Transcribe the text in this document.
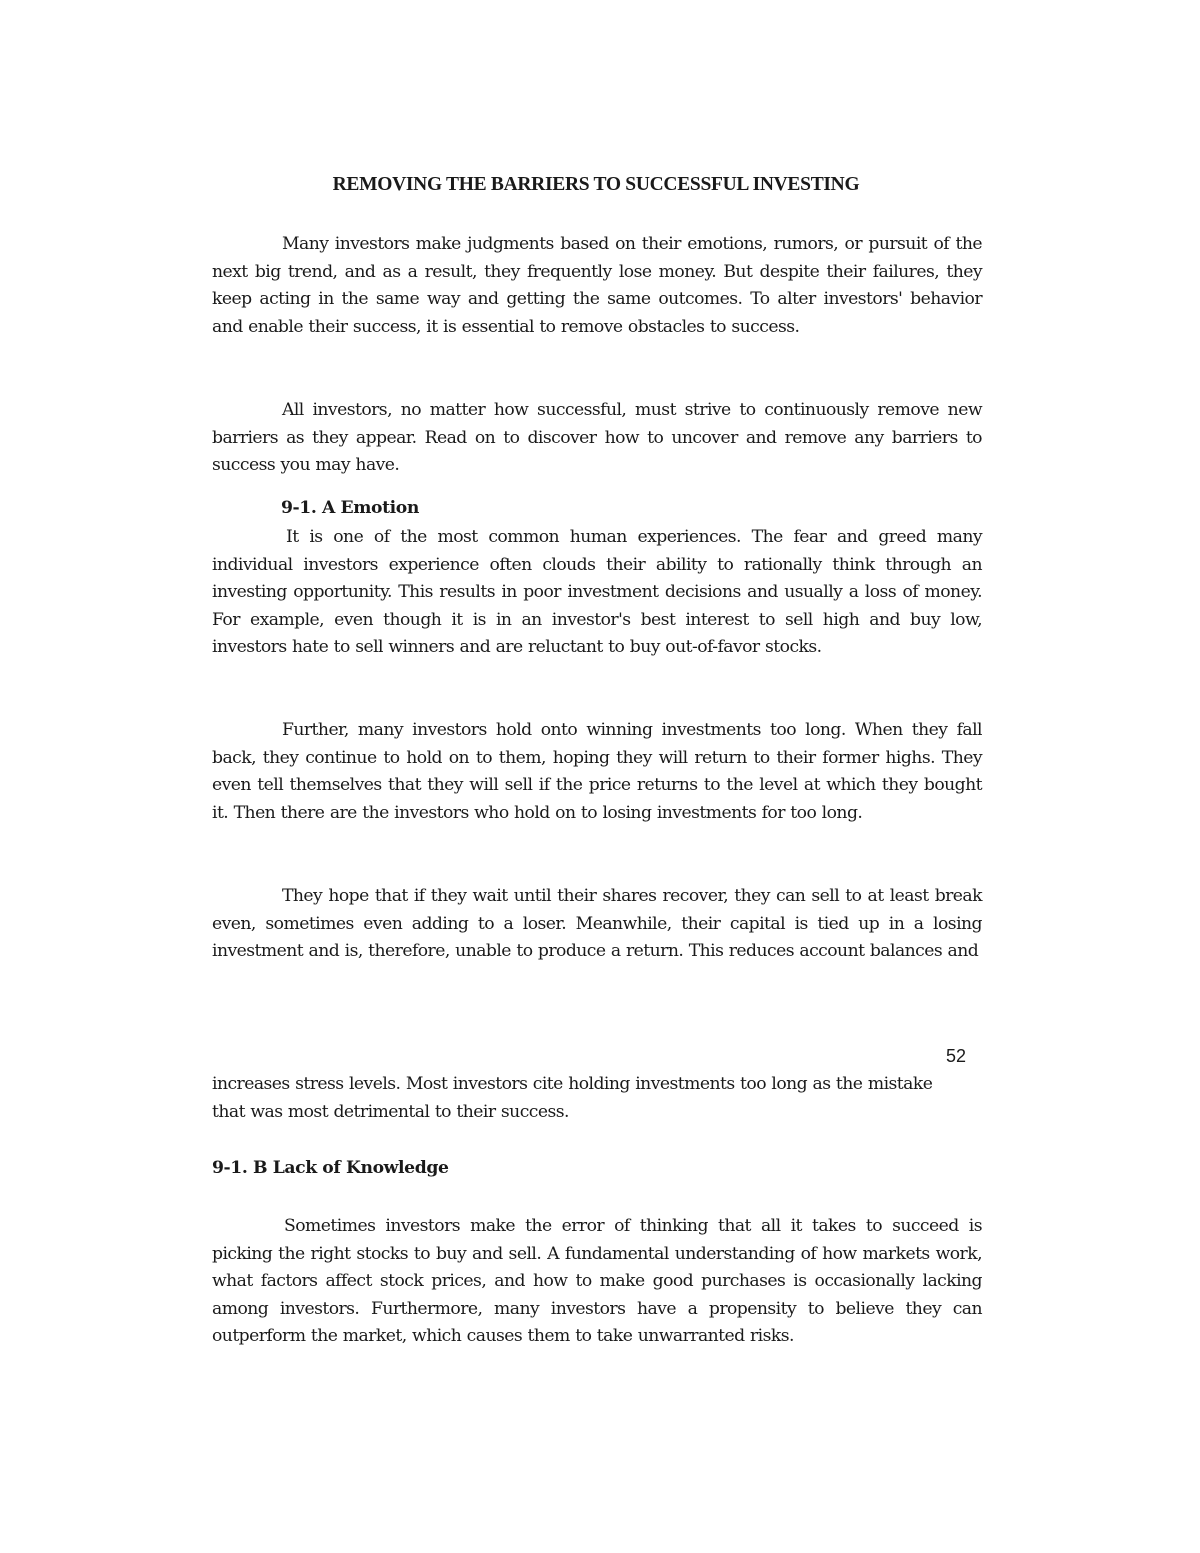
REMOVING THE BARRIERS TO SUCCESSFUL INVESTING

Many investors make judgments based on their emotions, rumors, or pursuit of the next big trend, and as a result, they frequently lose money. But despite their failures, they keep acting in the same way and getting the same outcomes. To alter investors' behavior and enable their success, it is essential to remove obstacles to success.

All investors, no matter how successful, must strive to continuously remove new barriers as they appear. Read on to discover how to uncover and remove any barriers to success you may have.

9-1. A Emotion

It is one of the most common human experiences. The fear and greed many individual investors experience often clouds their ability to rationally think through an investing opportunity. This results in poor investment decisions and usually a loss of money. For example, even though it is in an investor's best interest to sell high and buy low, investors hate to sell winners and are reluctant to buy out-of-favor stocks.

Further, many investors hold onto winning investments too long. When they fall back, they continue to hold on to them, hoping they will return to their former highs. They even tell themselves that they will sell if the price returns to the level at which they bought it. Then there are the investors who hold on to losing investments for too long.

They hope that if they wait until their shares recover, they can sell to at least break even, sometimes even adding to a loser. Meanwhile, their capital is tied up in a losing investment and is, therefore, unable to produce a return. This reduces account balances and

52

increases stress levels. Most investors cite holding investments too long as the mistake that was most detrimental to their success.

9-1. B Lack of Knowledge

Sometimes investors make the error of thinking that all it takes to succeed is picking the right stocks to buy and sell. A fundamental understanding of how markets work, what factors affect stock prices, and how to make good purchases is occasionally lacking among investors. Furthermore, many investors have a propensity to believe they can outperform the market, which causes them to take unwarranted risks.
